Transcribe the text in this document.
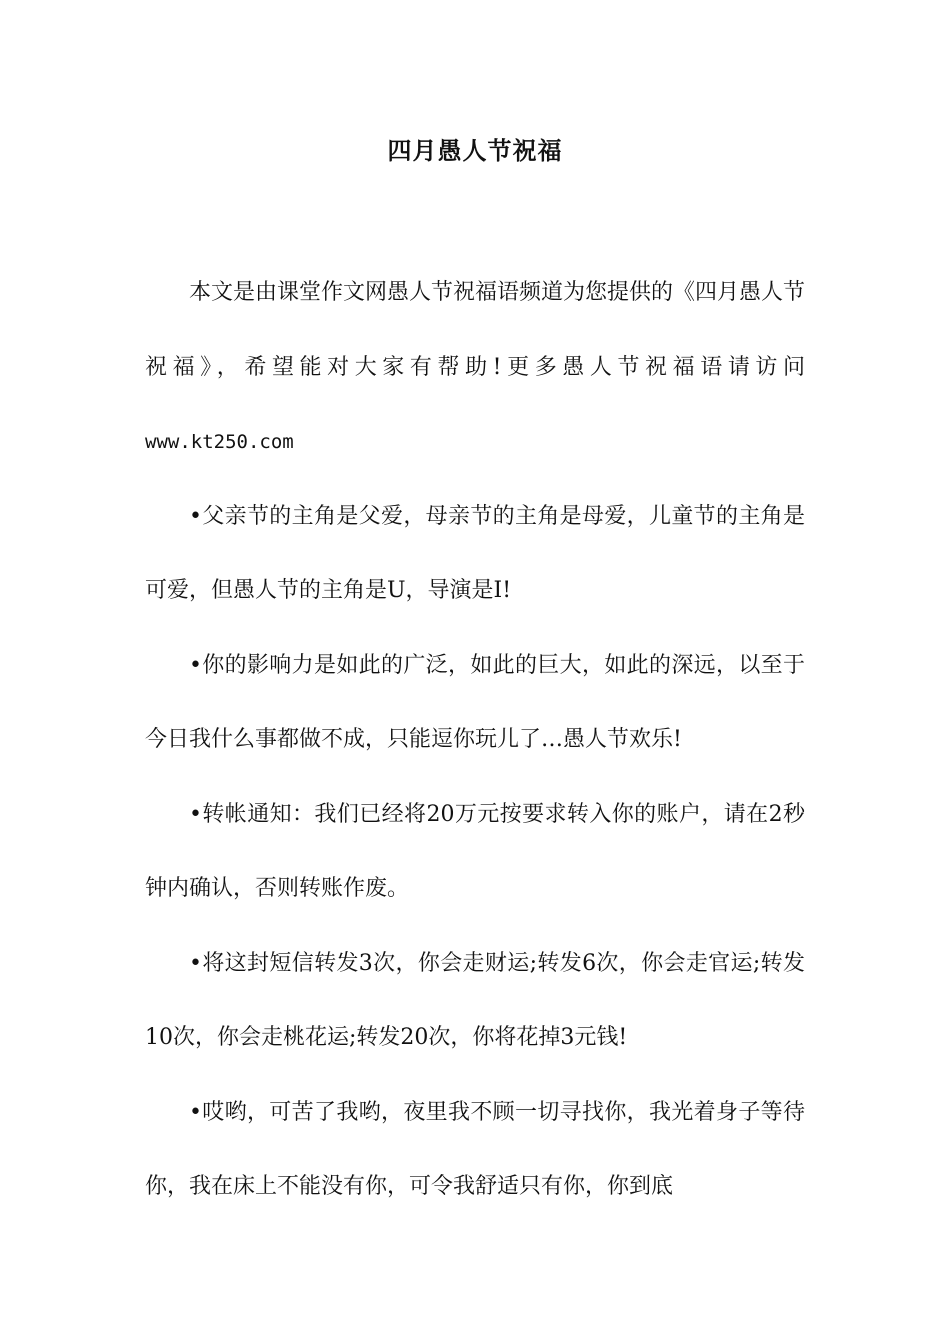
四月愚人节祝福

本文是由课堂作文网愚人节祝福语频道为您提供的《四月愚人节祝福》，希望能对大家有帮助!更多愚人节祝福语请访问www.kt250.com

•父亲节的主角是父爱，母亲节的主角是母爱，儿童节的主角是可爱，但愚人节的主角是U，导演是I!

•你的影响力是如此的广泛，如此的巨大，如此的深远，以至于今日我什么事都做不成，只能逗你玩儿了…愚人节欢乐!

•转帐通知：我们已经将20万元按要求转入你的账户，请在2秒钟内确认，否则转账作废。

•将这封短信转发3次，你会走财运;转发6次，你会走官运;转发10次，你会走桃花运;转发20次，你将花掉3元钱!

•哎哟，可苦了我哟，夜里我不顾一切寻找你，我光着身子等待你，我在床上不能没有你，可令我舒适只有你，你到底
